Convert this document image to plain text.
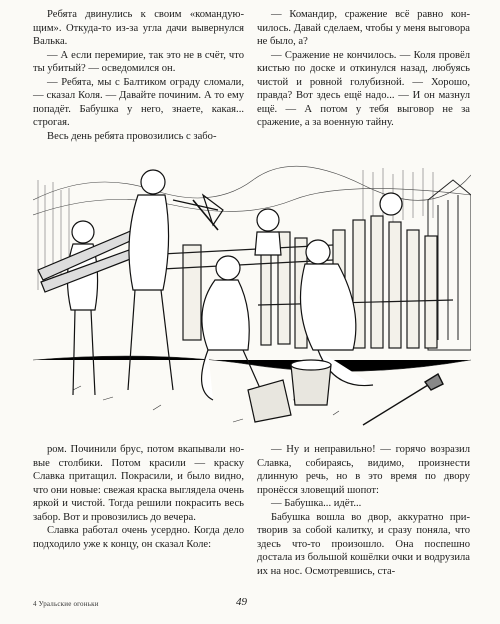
Ребята двинулись к своим «командующим». Откуда-то из-за угла дачи вывернулся Валька.

— А если перемирие, так это не в счёт, что ты убитый? — осведомился он.

— Ребята, мы с Балтиком ограду сломали, — сказал Коля. — Давайте починим. А то ему попадёт. Бабушка у него, знаете, какая... строгая.

Весь день ребята провозились с забо-

— Командир, сражение всё равно кончилось. Давай сделаем, чтобы у меня выговора не было, а?

— Сражение не кончилось. — Коля провёл кистью по доске и откинулся назад, любуясь чистой и ровной голубизной. — Хорошо, правда? Вот здесь ещё надо... — И он мазнул ещё. — А потом у тебя выговор не за сражение, а за военную тайну.

ром. Починили брус, потом вкапывали новые столбики. Потом красили — краску Славка притащил. Покрасили, и было видно, что они новые: свежая краска выглядела очень яркой и чистой. Тогда решили покрасить весь забор. Вот и провозились до вечера.

Славка работал очень усердно. Когда дело подходило уже к концу, он сказал Коле:

— Ну и неправильно! — горячо возразил Славка, собираясь, видимо, произнести длинную речь, но в это время по двору пронёсся зловещий шопот:

— Бабушка... идёт...

Бабушка вошла во двор, аккуратно притворив за собой калитку, и сразу поняла, что здесь что-то произошло. Она поспешно достала из большой кошёлки очки и водрузила их на нос. Осмотревшись, ста-

4 Уральские огоньки	49
